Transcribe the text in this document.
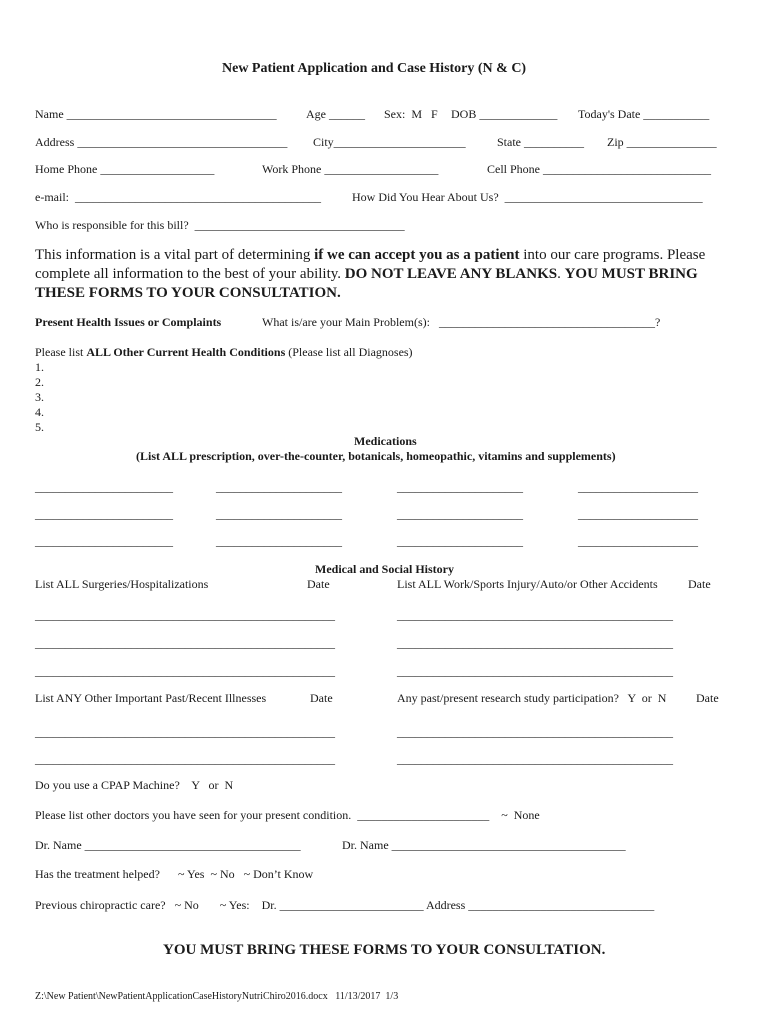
New Patient Application and Case History (N & C)
Name ___________________________________ Age ______ Sex:  M   F DOB _____________ Today's Date ___________
Address ___________________________________ City______________________	State __________ Zip _______________
Home Phone ___________________	Work Phone ___________________	Cell Phone ____________________________
e-mail:  _________________________________________	How Did You Hear About Us?  _________________________________
Who is responsible for this bill?  ___________________________________
This information is a vital part of determining if we can accept you as a patient into our care programs. Please complete all information to the best of your ability. DO NOT LEAVE ANY BLANKS. YOU MUST BRING THESE FORMS TO YOUR CONSULTATION.
Present Health Issues or Complaints	What is/are your Main Problem(s):   ____________________________________?
Please list ALL Other Current Health Conditions (Please list all Diagnoses)
1.
2.
3.
4.
5.
Medications
(List ALL prescription, over-the-counter, botanicals, homeopathic, vitamins and supplements)
_______________________	_____________________	_____________________	____________________
_______________________	_____________________	_____________________	____________________
_______________________	_____________________	_____________________	____________________
Medical and Social History
List ALL Surgeries/Hospitalizations	Date	List ALL Work/Sports Injury/Auto/or Other Accidents	Date
__________________________________________________	______________________________________________
__________________________________________________	______________________________________________
__________________________________________________	______________________________________________
List ANY Other Important Past/Recent Illnesses	Date	Any past/present research study participation?   Y  or  N Date
__________________________________________________	______________________________________________
__________________________________________________	______________________________________________
Do you use a CPAP Machine?    Y   or  N
Please list other doctors you have seen for your present condition.  ______________________    ~  None
Dr. Name ____________________________________	Dr. Name _______________________________________
Has the treatment helped?      ~ Yes  ~ No   ~ Don’t Know
Previous chiropractic care?   ~ No       ~ Yes:    Dr. ________________________ Address _______________________________
YOU MUST BRING THESE FORMS TO YOUR CONSULTATION.
Z:\New Patient\NewPatientApplicationCaseHistoryNutriChiro2016.docx   11/13/2017  1/3
